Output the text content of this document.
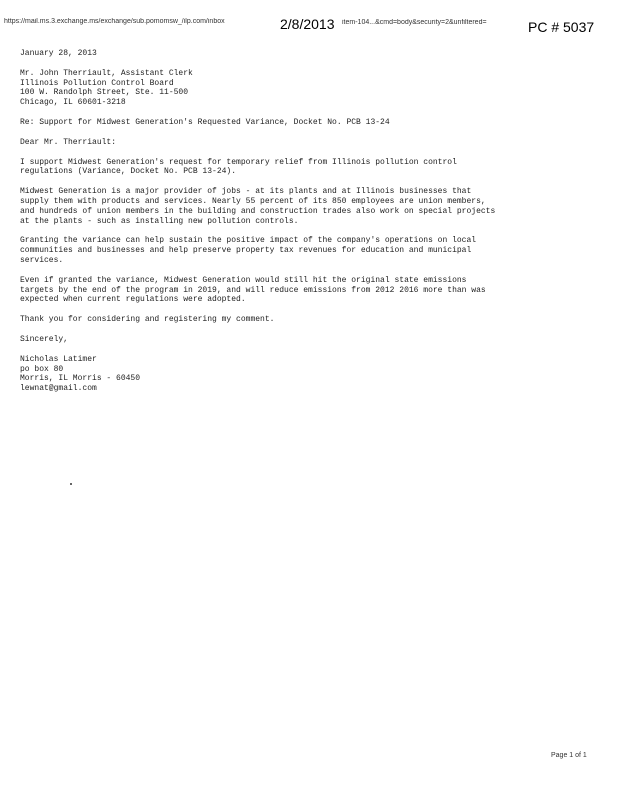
https://mail.ms.3.exchange.ms/exchange/sub.pomomsw_/ilp.com/inbox	2/8/2013 item-104...&cmd=body&security=2&unfiltered=	PC # 5037

January 28, 2013

Mr. John Therriault, Assistant Clerk
Illinois Pollution Control Board
100 W. Randolph Street, Ste. 11-500
Chicago, IL 60601-3218

Re: Support for Midwest Generation's Requested Variance, Docket No. PCB 13-24

Dear Mr. Therriault:

I support Midwest Generation's request for temporary relief from Illinois pollution control
regulations (Variance, Docket No. PCB 13-24).

Midwest Generation is a major provider of jobs - at its plants and at Illinois businesses that
supply them with products and services. Nearly 55 percent of its 850 employees are union members,
and hundreds of union members in the building and construction trades also work on special projects
at the plants - such as installing new pollution controls.

Granting the variance can help sustain the positive impact of the company's operations on local
communities and businesses and help preserve property tax revenues for education and municipal
services.

Even if granted the variance, Midwest Generation would still hit the original state emissions
targets by the end of the program in 2019, and will reduce emissions from 2012 2016 more than was
expected when current regulations were adopted.

Thank you for considering and registering my comment.

Sincerely,

Nicholas Latimer
po box 80
Morris, IL Morris - 60450
lewnat@gmail.com

Page 1 of 1
